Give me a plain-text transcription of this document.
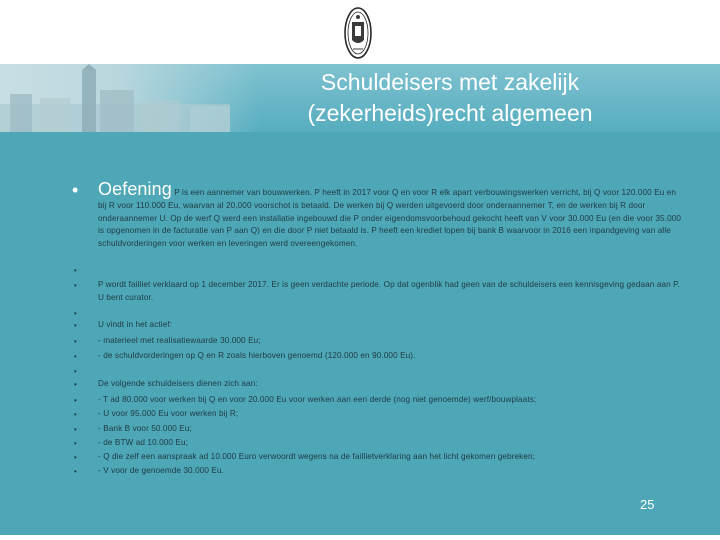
Schuldeisers met zakelijk
(zekerheids)recht algemeen
• Oefening P is een aannemer van bouwwerken. P heeft in 2017 voor Q en voor R elk apart verbouwingswerken verricht, bij Q voor 120.000 Eu en bij R voor 110.000 Eu, waarvan al 20.000 voorschot is betaald. De werken bij Q werden uitgevoerd door onderaannemer T, en de werken bij R door onderaannemer U. Op de werf Q werd een installatie ingebouwd die P onder eigendomsvoorbehoud gekocht heeft van V voor 30.000 Eu (en die voor 35.000 is opgenomen in de facturatie van P aan Q) en die door P niet betaald is. P heeft een krediet lopen bij bank B waarvoor in 2016 een inpandgeving van alle schuldvorderingen voor werken en leveringen werd overeengekomen.
•
•	P wordt failliet verklaard op 1 december 2017. Er is geen verdachte periode. Op dat ogenblik had geen van de schuldeisers een kennisgeving gedaan aan P. U bent curator.
•
•	U vindt in het actief:
•	- materieel met realisatiewaarde 30.000 Eu;
•	- de schuldvorderingen op Q en R zoals hierboven genoemd (120.000 en 90.000 Eu).
•
•	De volgende schuldeisers dienen zich aan:
•	- T ad 80.000 voor werken bij Q en voor 20.000 Eu voor werken aan een derde (nog niet genoemde) werf/bouwplaats;
•	- U voor 95.000 Eu voor werken bij R;
•	- Bank B voor 50.000 Eu;
•	- de BTW ad 10.000 Eu;
•	- Q die zelf een aanspraak ad 10.000 Euro verwoordt wegens na de faillietverklaring aan het licht gekomen gebreken;
•	- V voor de genoemde 30.000 Eu.
25
